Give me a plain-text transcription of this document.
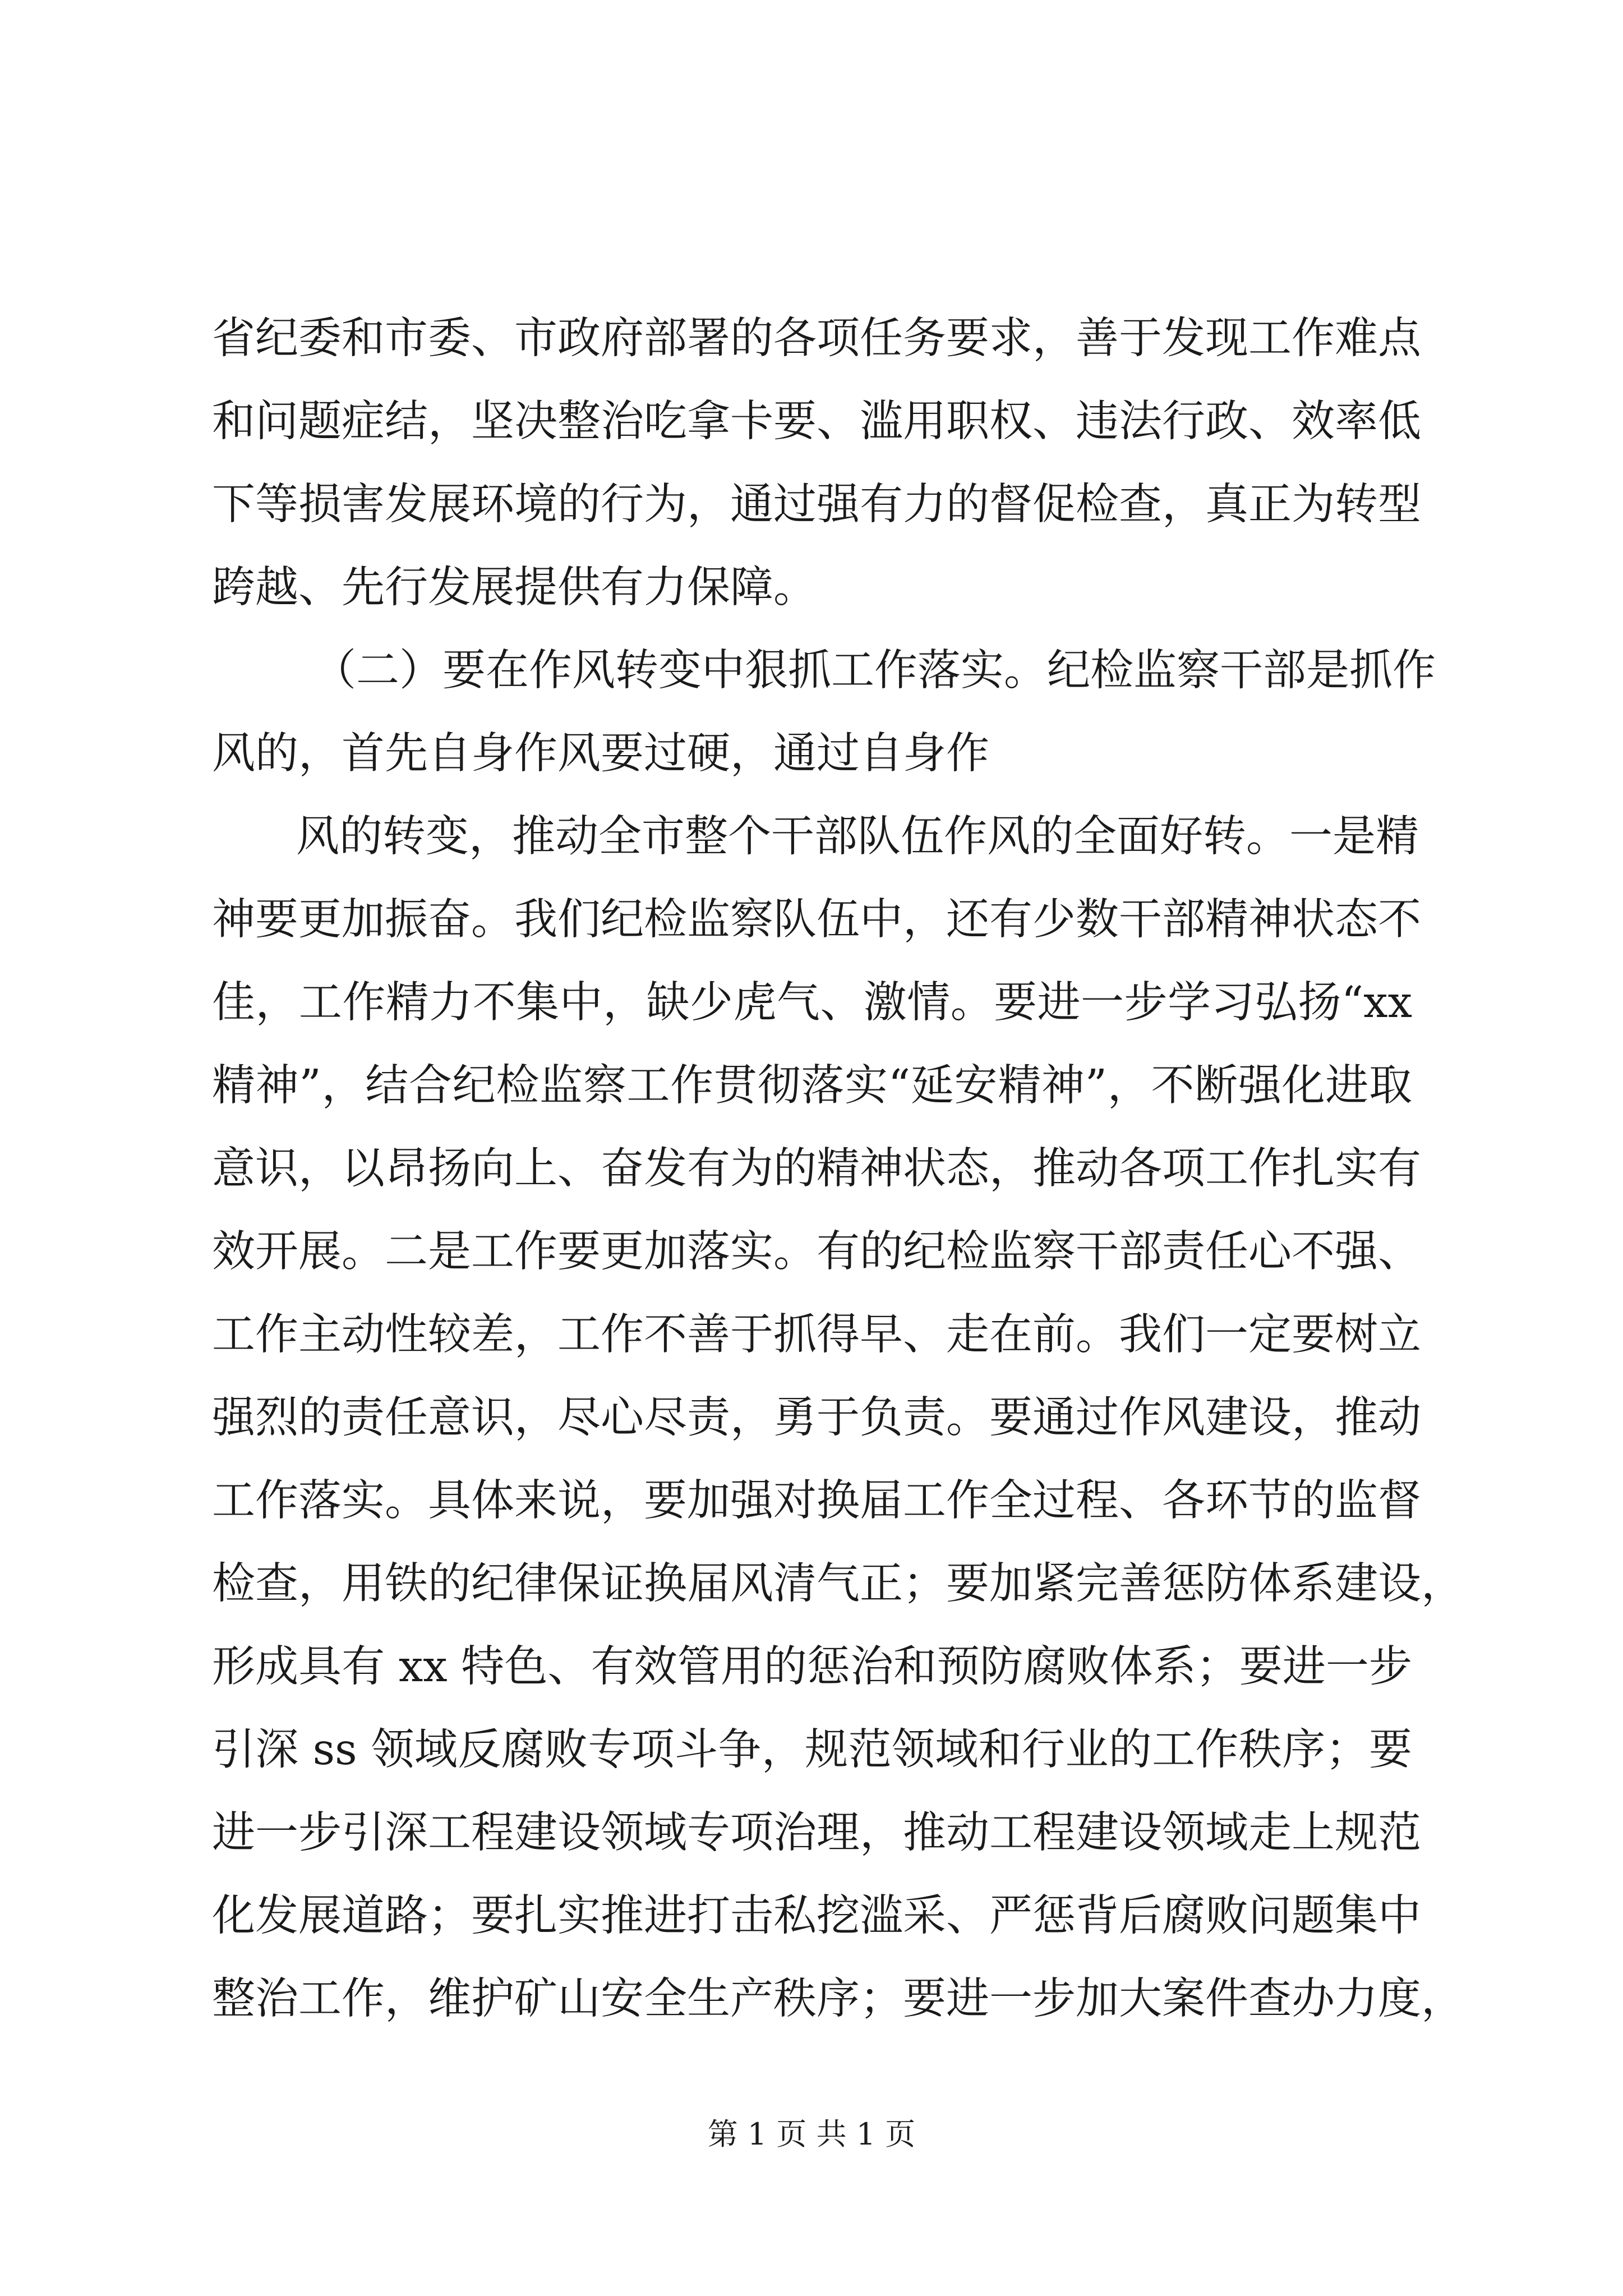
省纪委和市委、市政府部署的各项任务要求，善于发现工作难点
和问题症结，坚决整治吃拿卡要、滥用职权、违法行政、效率低
下等损害发展环境的行为，通过强有力的督促检查，真正为转型
跨越、先行发展提供有力保障。
（二）要在作风转变中狠抓工作落实。纪检监察干部是抓作
风的，首先自身作风要过硬，通过自身作
风的转变，推动全市整个干部队伍作风的全面好转。一是精
神要更加振奋。我们纪检监察队伍中，还有少数干部精神状态不
佳，工作精力不集中，缺少虎气、激情。要进一步学习弘扬“xx
精神”，结合纪检监察工作贯彻落实“延安精神”，不断强化进取
意识，以昂扬向上、奋发有为的精神状态，推动各项工作扎实有
效开展。二是工作要更加落实。有的纪检监察干部责任心不强、
工作主动性较差，工作不善于抓得早、走在前。我们一定要树立
强烈的责任意识，尽心尽责，勇于负责。要通过作风建设，推动
工作落实。具体来说，要加强对换届工作全过程、各环节的监督
检查，用铁的纪律保证换届风清气正；要加紧完善惩防体系建设，
形成具有 xx 特色、有效管用的惩治和预防腐败体系；要进一步
引深 ss 领域反腐败专项斗争，规范领域和行业的工作秩序；要
进一步引深工程建设领域专项治理，推动工程建设领域走上规范
化发展道路；要扎实推进打击私挖滥采、严惩背后腐败问题集中
整治工作，维护矿山安全生产秩序；要进一步加大案件查办力度，
第 1 页 共 1 页
